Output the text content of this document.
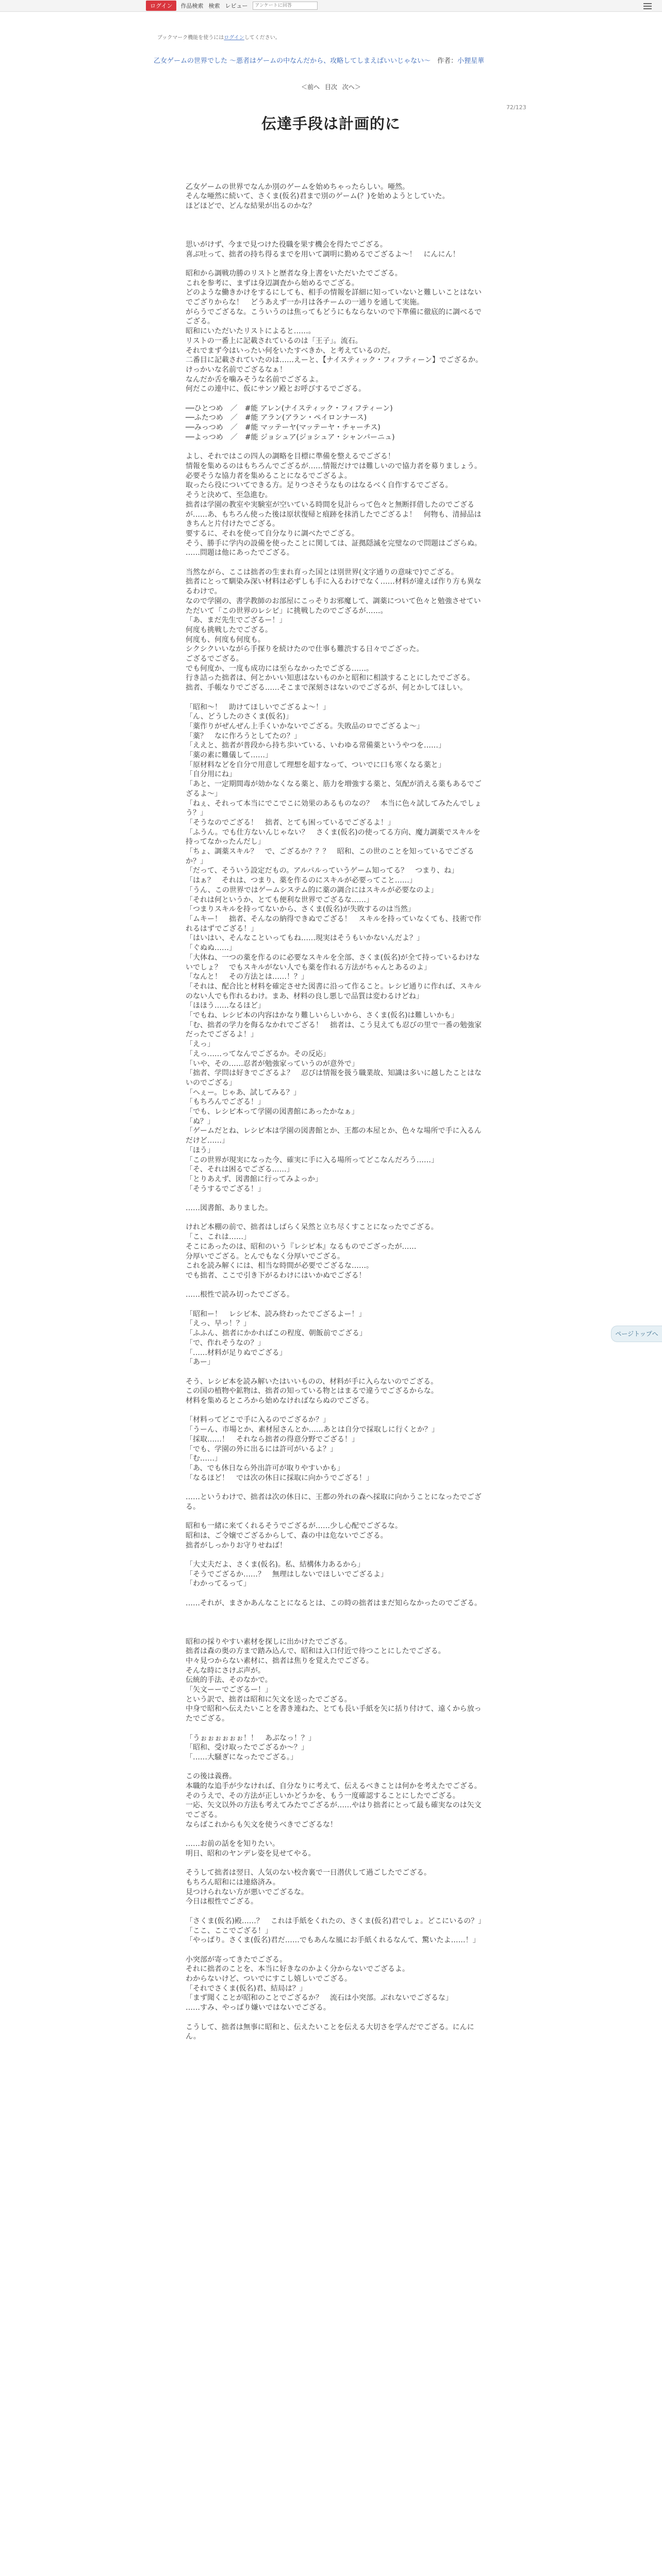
ログイン	作品検索 検索 レビュー
アンケートに回答
ブックマーク機能を使うにはログインしてください。
乙女ゲームの世界でした 〜悪者はゲームの中なんだから、攻略してしまえばいいじゃない〜　作者：小狸星華
＜前へ 目次 次へ＞
72/123
伝達手段は計画的に

乙女ゲームの世界でなんか別のゲームを始めちゃったらしい。唖然。

そんな唖然に続いて、さくま(仮名)君まで別のゲーム(？)を始めようとしていた。

ほどほどで、どんな結果が出るのかな？

思いがけず、今まで見つけた役職を果す機会を得たでござる。

喜ぶ吐って、拙者の持ち得るまでを用いて調明に勤めるでござるよ～！　にんにん！

昭和から調戦功勝のリストと歴者な身上書をいただいたでござる。

これを参考に、まずは身辺調査から始めるでござる。

どのような働きかけをするにしても、相手の情報を詳細に知っていないと難しいことはないでござりからな！　どうあえず一か月は各チームの一通りを通して実施。

がらうでござるな。こういうのは焦ってもどうにもならないので下準備に徹底的に調べるでござる。

昭和にいただいたリストによると……。

リストの一番上に記載されているのは「王子」。流石。

それでまず今はいったい何をいたすべきか、と考えているのだ。

二番目に記載されていたのは……えーと、【ナイスティック・フィフティーン】でござるか。

けっかいな名前でござるなぁ！

なんだか舌を噛みそうな名前でござるよ。

何だこの連中に、仮にサンソ殿とお呼びするでござる。

──ひとつめ　／　#能 アレン(ナイスティック・フィフティーン)

──ふたつめ　／　#能 アラン(アラン・ペイロンナース)

──みっつめ　／　#能 マッテーヤ(マッテーヤ・チャーチス)

──よっつめ　／　#能 ジョシュア(ジョシュア・シャンパーニュ)

よし、それではこの四人の調略を目標に準備を整えるでござる！

情報を集めるのはもちろんでござるが……情報だけでは難しいので協力者を募りましょう。

必要そうな協力者を集めることになるでござるよ。

取ったら役についてできる方。足りつさそうなものはなるべく自作するでござる。

そうと決めて、至急進む。

拙者は学園の教室や実験室が空いている時間を見計らって色々と無断拝借したのでござるが……あ、もちろん使った後は原状復帰と痕跡を抹消したでござるよ！　何物も、清掃品はきちんと片付けたでござる。

要するに、それを使って自分なりに調べたでござる。

そう、勝手に学内の設備を使ったことに関しては、証拠隠滅を完璧なので問題はござらぬ。

……問題は他にあったでござる。

当然ながら、ここは拙者の生まれ育った国とは別世界(文字通りの意味で)でござる。

拙者にとって馴染み深い材料は必ずしも手に入るわけでなく……材料が違えば作り方も異なるわけで。

なので学園の、書学教師のお部屋にこっそりお邪魔して、調薬について色々と勉強させていただいて「この世界のレシピ」に挑戦したのでござるが……。

「あ、まだ先生でござるー！」

何度も挑戦したでござる。

何度も、何度も何度も。

シクシクいいながら手探りを続けたので仕事も難渋する日々でござった。

ござるでござる。

でも何度か、一度も成功には至らなかったでござる……。

行き詰った拙者は、何とかいい知恵はないものかと昭和に相談することにしたでござる。

拙者、手帳なりでござる……そこまで深刻さはないのでござるが、何とかしてほしい。

「昭和～！　助けてほしいでござるよ～！」

「ん、どうしたのさくま(仮名)」

「薬作りがぜんぜん上手くいかないでござる。失敗品のロでござるよ～」

「薬？　なに作ろうとしてたの？」

「ええと、拙者が普段から持ち歩いている、いわゆる常備薬というやつを……」

「薬の素に難儀して……」

「原材料などを自分で用意して理想を超すなって、ついでに口も寒くなる薬と」

「自分用にね」

「あと、一定期間毒が効かなくなる薬と、筋力を増強する薬と、気配が消える薬もあるでござるよ～」

「ねぇ、それって本当にでこでこに効果のあるものなの？　本当に色々試してみたんでしょう？」

「そうなのでござる！　拙者、とても困っているでござるよ！」

「ふうん。でも仕方ないんじゃない？　さくま(仮名)の使ってる方向、魔力調薬でスキルを持ってなかったんだし」

「ちょ、調薬スキル？　で、ござるか？？？　昭和、この世のことを知っているでござるか？」

「だって、そういう設定だもの。アルパルっていうゲーム知ってる？　つまり、ね」

「はぁ？　それは、つまり、薬を作るのにスキルが必要ってこと……」

「うん、この世界ではゲームシステム的に薬の調合にはスキルが必要なのよ」

「それは何というか、とても便利な世界でござるな……」

「つまりスキルを持ってないから、さくま(仮名)が失敗するのは当然」

「ムキー！　拙者、そんなの納得できぬでござる！　スキルを持っていなくても、技術で作れるはずでござる！」

「はいはい、そんなこといってもね……現実はそうもいかないんだよ？」

「ぐぬぬ……」

「大体ね、一つの薬を作るのに必要なスキルを全部、さくま(仮名)が全て持っているわけないでしょ？　でもスキルがない人でも薬を作れる方法がちゃんとあるのよ」

「なんと！　その方法とは……！？」

「それは、配合比と材料を確定させた図書に沿って作ること。レシピ通りに作れば、スキルのない人でも作れるわけ。まあ、材料の良し悪しで品質は変わるけどね」

「ほほう……なるほど」

「でもね、レシピ本の内容はかなり難しいらしいから、さくま(仮名)は難しいかも」

「む、拙者の学力を侮るなかれでござる！　拙者は、こう見えても忍びの里で一番の勉強家だったでござるよ！」

「えっ」

「えっ……ってなんでござるか。その反応」

「いや、その……忍者が勉強家っていうのが意外で」

「拙者、学問は好きでござるよ？　忍びは情報を扱う職業故、知識は多いに越したことはないのでござる」

「へぇー。じゃあ、試してみる？」

「もちろんでござる！」

「でも、レシピ本って学園の図書館にあったかなぁ」

「ぬ？」

「ゲームだとね、レシピ本は学園の図書館とか、王都の本屋とか、色々な場所で手に入るんだけど……」

「ほう」

「この世界が現実になった今、確実に手に入る場所ってどこなんだろう……」

「そ、それは困るでござる……」

「とりあえず、図書館に行ってみよっか」

「そうするでござる！」

……図書館、ありました。

けれど本棚の前で、拙者はしばらく呆然と立ち尽くすことになったでござる。

「こ、これは……」

そこにあったのは、昭和のいう『レシピ本』なるものでござったが……

分厚いでござる。とんでもなく分厚いでござる。

これを読み解くには、相当な時間が必要でござるな……。

でも拙者、ここで引き下がるわけにはいかぬでござる！

……根性で読み切ったでござる。

「昭和ー！　レシピ本、読み終わったでござるよー！」

「えっ、早っ！？」

「ふふん、拙者にかかればこの程度、朝飯前でござる」

「で、作れそうなの？」

「……材料が足りぬでござる」

「あー」

そう、レシピ本を読み解いたはいいものの、材料が手に入らないのでござる。

この国の植物や鉱物は、拙者の知っている物とはまるで違うでござるからな。

材料を集めるところから始めなければならぬのでござる。

「材料ってどこで手に入るのでござるか？」

「うーん、市場とか、素材屋さんとか……あとは自分で採取しに行くとか？」

「採取……！　それなら拙者の得意分野でござる！」

「でも、学園の外に出るには許可がいるよ？」

「む……」

「あ、でも休日なら外出許可が取りやすいかも」

「なるほど！　では次の休日に採取に向かうでござる！」

……というわけで、拙者は次の休日に、王都の外れの森へ採取に向かうことになったでござる。

昭和も一緒に来てくれるそうでござるが……少し心配でござるな。

昭和は、ご令嬢でござるからして、森の中は危ないでござる。

拙者がしっかりお守りせねば！

「大丈夫だよ、さくま(仮名)。私、結構体力あるから」

「そうでござるか……？　無理はしないでほしいでござるよ」

「わかってるって」

……それが、まさかあんなことになるとは、この時の拙者はまだ知らなかったのでござる。

昭和の採りやすい素材を探しに出かけたでござる。

拙者は森の奥の方まで踏み込んで、昭和は入口付近で待つことにしたでござる。

中々見つからない素材に、拙者は焦りを覚えたでござる。

そんな時にさけぶ声が。

伝統的手法、そのなかで。

「矢文ーーでござるー！」

という訳で、拙者は昭和に矢文を送ったでござる。

中身で昭和へ伝えたいことを書き連ねた、とても長い手紙を矢に括り付けて、遠くから放ったでござる。

「うぉぉぉぉぉぉ！！　あぶなっ！？」

「昭和、受け取ったでござるか～？」

「……大騒ぎになったでござる。」

この後は義務。

本職的な追手が少なければ、自分なりに考えて、伝えるべきことは何かを考えたでござる。

そのうえで、その方法が正しいかどうかを、もう一度確認することにしたでござる。

一応、矢文以外の方法も考えてみたでござるが……やはり拙者にとって最も確実なのは矢文でござる。

ならばこれからも矢文を使うべきでござるな！

……お前の話をを知りたい。

明日、昭和のヤンデレ姿を見せてやる。

そうして拙者は翌日、人気のない校舎裏で一日潜伏して過ごしたでござる。

もちろん昭和には連絡済み。

見つけられない方が悪いでござるな。

今日は根性でござる。

「さくま(仮名)殿……？　これは手紙をくれたの、さくま(仮名)君でしょ。どこにいるの？」

「ここ、ここでござる！」

「やっぱり。さくま(仮名)君だ……でもあんな風にお手紙くれるなんて、驚いたよ……！」

小突部が寄ってきたでござる。

それに拙者のことを、本当に好きなのかよく分からないでござるよ。

わからないけど、ついでにすこし嬉しいでござる。

「それでさくま(仮名)君、結局は？」

「まず聞くことが昭和のことでござるか？　流石は小突部。ぶれないでござるな」

……すみ、やっぱり嫌いではないでござる。

こうして、拙者は無事に昭和と、伝えたいことを伝える大切さを学んだでござる。にんにん。

ページトップへ
